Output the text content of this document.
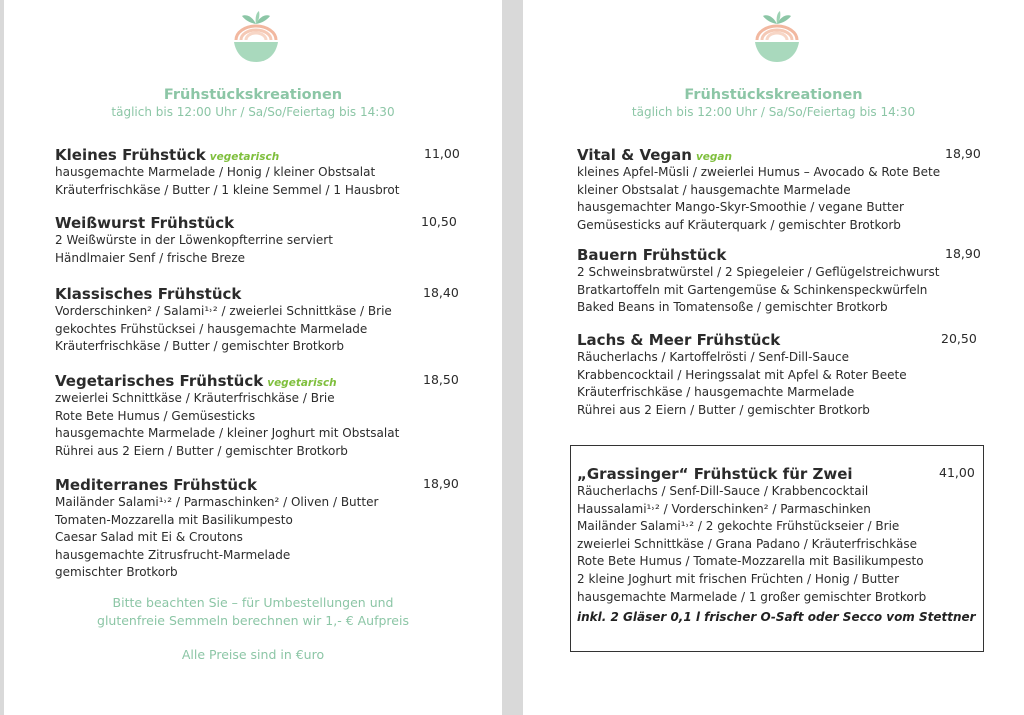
Frühstückskreationen
täglich bis 12:00 Uhr / Sa/So/Feiertag bis 14:30
Kleines Frühstück vegetarisch	11,00
hausgemachte Marmelade / Honig / kleiner Obstsalat
Kräuterfrischkäse / Butter / 1 kleine Semmel / 1 Hausbrot
Weißwurst Frühstück	10,50
2 Weißwürste in der Löwenkopfterrine serviert
Händlmaier Senf / frische Breze
Klassisches Frühstück	18,40
Vorderschinken² / Salami¹˒² / zweierlei Schnittkäse / Brie
gekochtes Frühstücksei / hausgemachte Marmelade
Kräuterfrischkäse / Butter / gemischter Brotkorb
Vegetarisches Frühstück vegetarisch	18,50
zweierlei Schnittkäse / Kräuterfrischkäse / Brie
Rote Bete Humus / Gemüsesticks
hausgemachte Marmelade / kleiner Joghurt mit Obstsalat
Rührei aus 2 Eiern / Butter / gemischter Brotkorb
Mediterranes Frühstück	18,90
Mailänder Salami¹˒² / Parmaschinken² / Oliven / Butter
Tomaten-Mozzarella mit Basilikumpesto
Caesar Salad mit Ei & Croutons
hausgemachte Zitrusfrucht-Marmelade
gemischter Brotkorb
Bitte beachten Sie – für Umbestellungen und
glutenfreie Semmeln berechnen wir 1,- € Aufpreis
Alle Preise sind in €uro
Frühstückskreationen
täglich bis 12:00 Uhr / Sa/So/Feiertag bis 14:30
Vital & Vegan vegan	18,90
kleines Apfel-Müsli / zweierlei Humus – Avocado & Rote Bete
kleiner Obstsalat / hausgemachte Marmelade
hausgemachter Mango-Skyr-Smoothie / vegane Butter
Gemüsesticks auf Kräuterquark / gemischter Brotkorb
Bauern Frühstück	18,90
2 Schweinsbratwürstel / 2 Spiegeleier / Geflügelstreichwurst
Bratkartoffeln mit Gartengemüse & Schinkenspeckwürfeln
Baked Beans in Tomatensoße / gemischter Brotkorb
Lachs & Meer Frühstück	20,50
Räucherlachs / Kartoffelrösti / Senf-Dill-Sauce
Krabbencocktail / Heringssalat mit Apfel & Roter Beete
Kräuterfrischkäse / hausgemachte Marmelade
Rührei aus 2 Eiern / Butter / gemischter Brotkorb
„Grassinger“ Frühstück für Zwei	41,00
Räucherlachs / Senf-Dill-Sauce / Krabbencocktail
Haussalami¹˒² / Vorderschinken² / Parmaschinken
Mailänder Salami¹˒² / 2 gekochte Frühstückseier / Brie
zweierlei Schnittkäse / Grana Padano / Kräuterfrischkäse
Rote Bete Humus / Tomate-Mozzarella mit Basilikumpesto
2 kleine Joghurt mit frischen Früchten / Honig / Butter
hausgemachte Marmelade / 1 großer gemischter Brotkorb
inkl. 2 Gläser 0,1 l frischer O-Saft oder Secco vom Stettner
